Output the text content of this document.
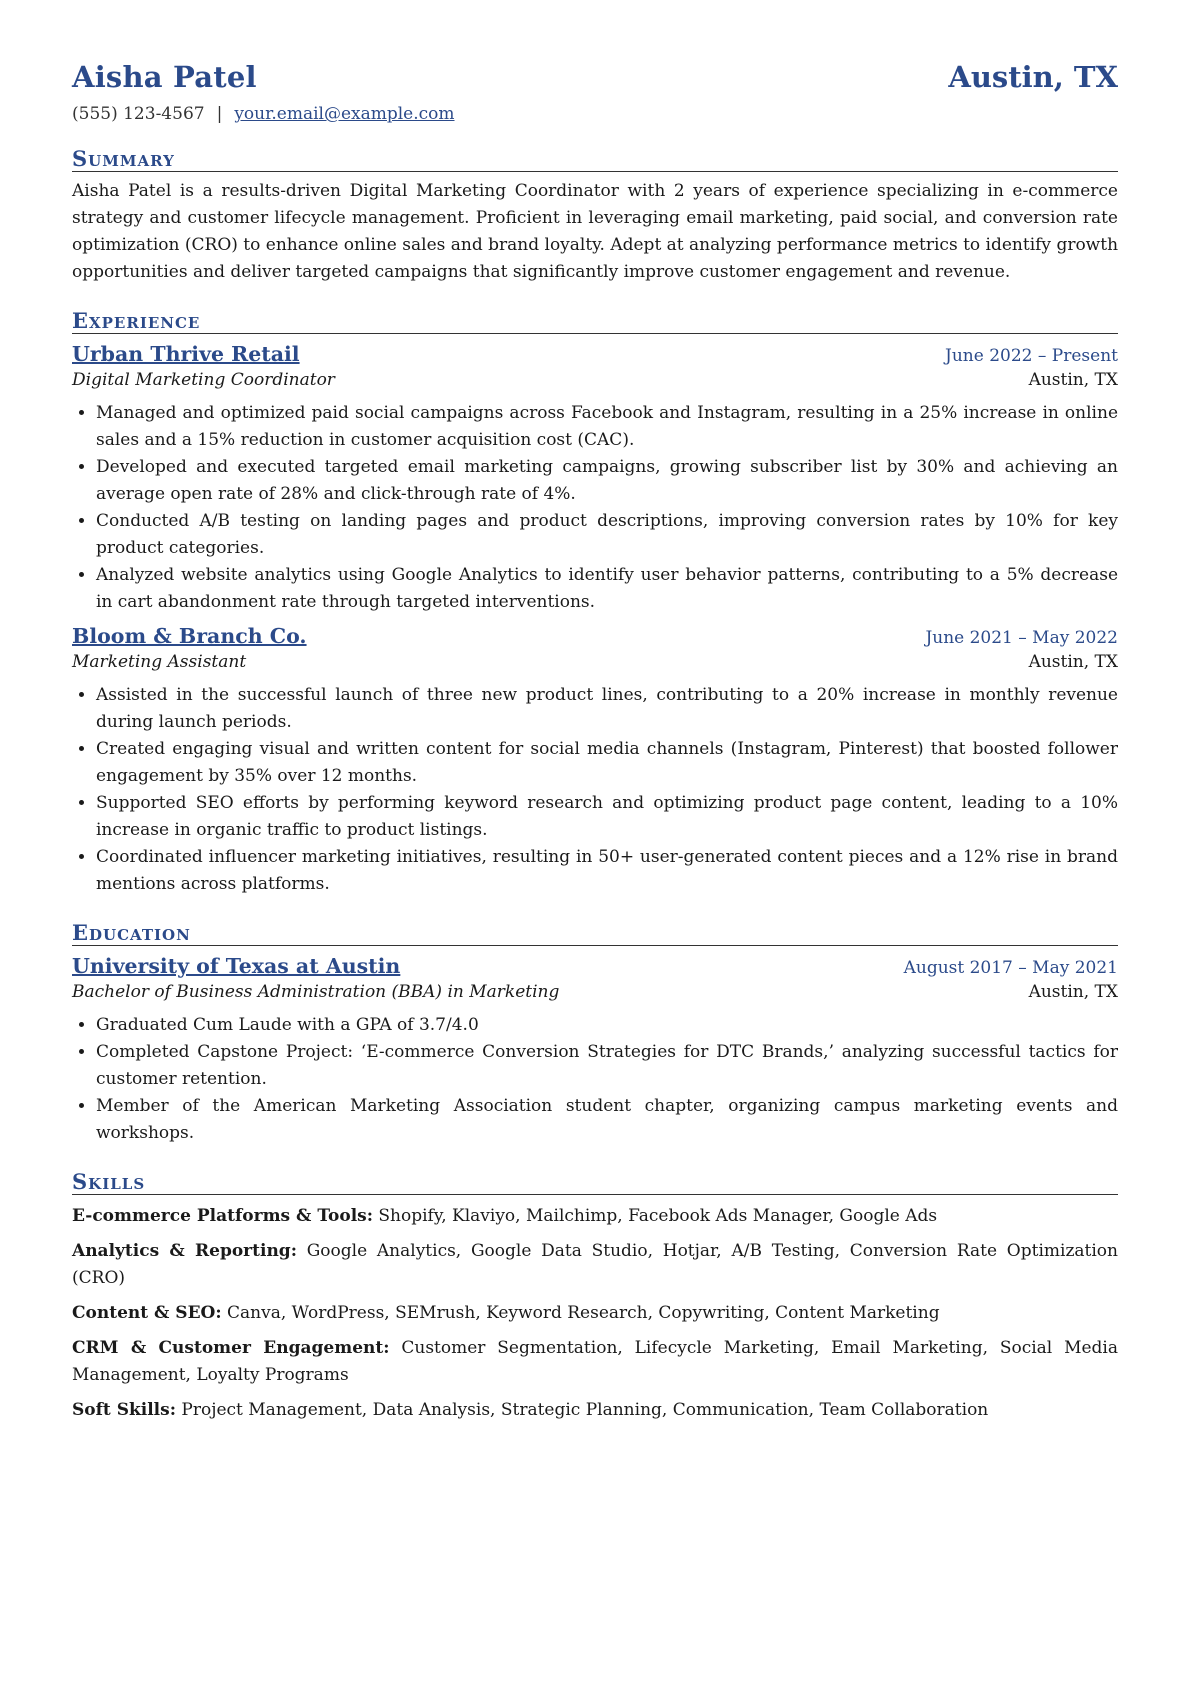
Aisha Patel	Austin, TX
(555) 123-4567 | your.email@example.com
Summary
Aisha Patel is a results-driven Digital Marketing Coordinator with 2 years of experience specializing in e-commerce strategy and customer lifecycle management. Proficient in leveraging email marketing, paid social, and conversion rate optimization (CRO) to enhance online sales and brand loyalty. Adept at analyzing performance metrics to identify growth opportunities and deliver targeted campaigns that significantly improve customer engagement and revenue.
Experience
Urban Thrive Retail	June 2022 – Present
Digital Marketing Coordinator	Austin, TX
• Managed and optimized paid social campaigns across Facebook and Instagram, resulting in a 25% increase in online sales and a 15% reduction in customer acquisition cost (CAC).
• Developed and executed targeted email marketing campaigns, growing subscriber list by 30% and achieving an average open rate of 28% and click-through rate of 4%.
• Conducted A/B testing on landing pages and product descriptions, improving conversion rates by 10% for key product categories.
• Analyzed website analytics using Google Analytics to identify user behavior patterns, contributing to a 5% decrease in cart abandonment rate through targeted interventions.
Bloom & Branch Co.	June 2021 – May 2022
Marketing Assistant	Austin, TX
• Assisted in the successful launch of three new product lines, contributing to a 20% increase in monthly revenue during launch periods.
• Created engaging visual and written content for social media channels (Instagram, Pinterest) that boosted follower engagement by 35% over 12 months.
• Supported SEO efforts by performing keyword research and optimizing product page content, leading to a 10% increase in organic traffic to product listings.
• Coordinated influencer marketing initiatives, resulting in 50+ user-generated content pieces and a 12% rise in brand mentions across platforms.
Education
University of Texas at Austin	August 2017 – May 2021
Bachelor of Business Administration (BBA) in Marketing	Austin, TX
• Graduated Cum Laude with a GPA of 3.7/4.0
• Completed Capstone Project: ‘E-commerce Conversion Strategies for DTC Brands,’ analyzing successful tactics for customer retention.
• Member of the American Marketing Association student chapter, organizing campus marketing events and workshops.
Skills
E-commerce Platforms & Tools: Shopify, Klaviyo, Mailchimp, Facebook Ads Manager, Google Ads
Analytics & Reporting: Google Analytics, Google Data Studio, Hotjar, A/B Testing, Conversion Rate Optimization (CRO)
Content & SEO: Canva, WordPress, SEMrush, Keyword Research, Copywriting, Content Marketing
CRM & Customer Engagement: Customer Segmentation, Lifecycle Marketing, Email Marketing, Social Media Management, Loyalty Programs
Soft Skills: Project Management, Data Analysis, Strategic Planning, Communication, Team Collaboration
